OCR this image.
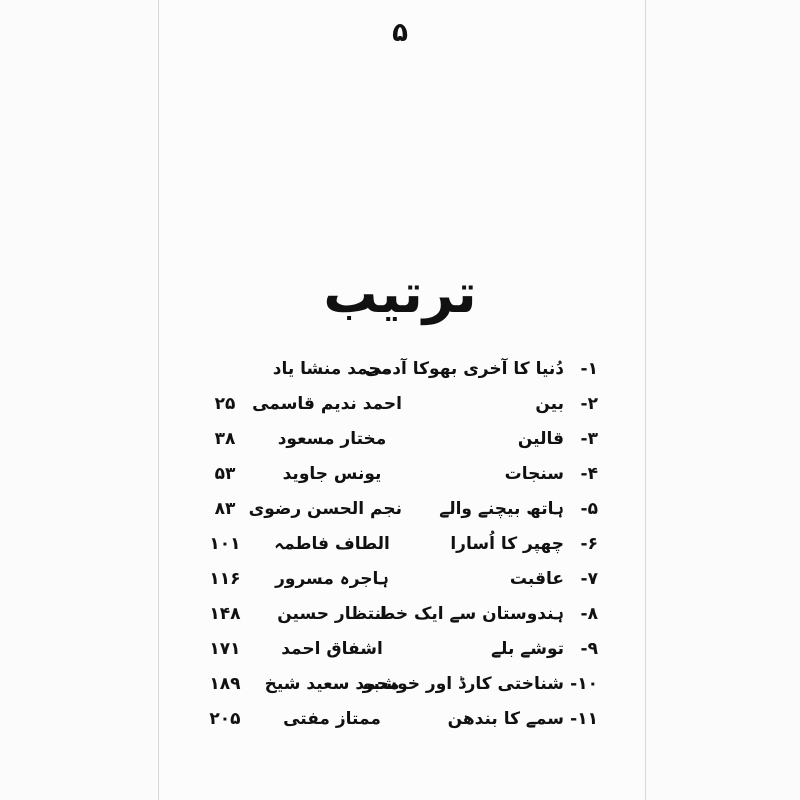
۵
ترتیب
۱-
دُنیا کا آخری بھوکا آدمی
محمد منشا یاد
۲-
بین
احمد ندیم قاسمی
۲۵
۳-
قالین
مختار مسعود
۳۸
۴-
سنجات
یونس جاوید
۵۳
۵-
ہاتھ بیچنے والے
نجم الحسن رضوی
۸۳
۶-
چھپر کا اُسارا
الطاف فاطمہ
۱۰۱
۷-
عاقبت
ہاجرہ مسرور
۱۱۶
۸-
ہندوستان سے ایک خط
انتظار حسین
۱۴۸
۹-
توشے بلے
اشفاق احمد
۱۷۱
۱۰-
شناختی کارڈ اور خوشبو
محمد سعید شیخ
۱۸۹
۱۱-
سمے کا بندھن
ممتاز مفتی
۲۰۵
